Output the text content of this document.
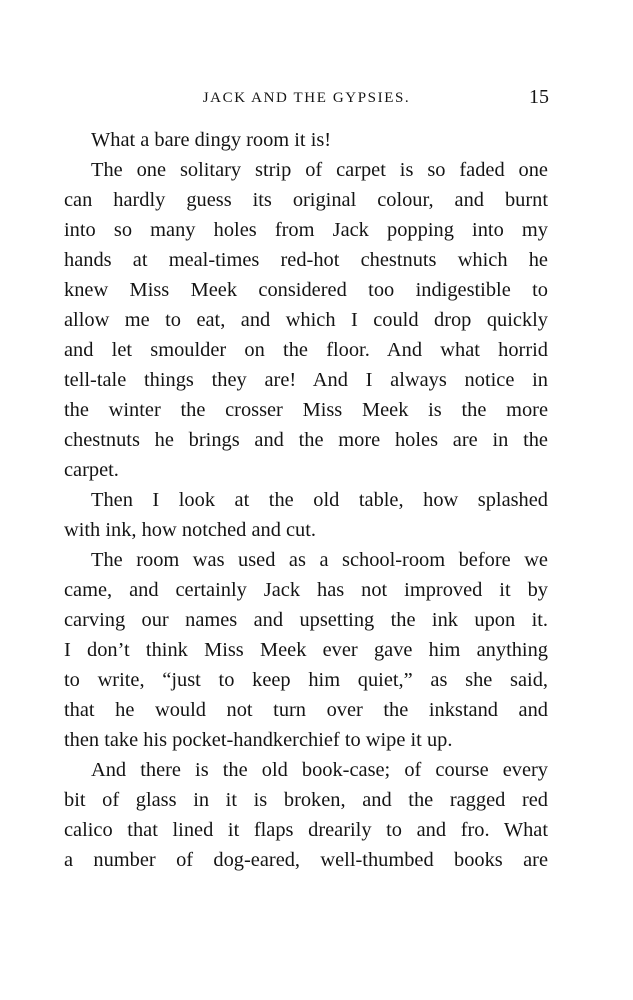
JACK AND THE GYPSIES.	15
What a bare dingy room it is!
The one solitary strip of carpet is so faded one
can hardly guess its original colour, and burnt
into so many holes from Jack popping into my
hands at meal-times red-hot chestnuts which he
knew Miss Meek considered too indigestible to
allow me to eat, and which I could drop quickly
and let smoulder on the floor. And what horrid
tell-tale things they are! And I always notice in
the winter the crosser Miss Meek is the more
chestnuts he brings and the more holes are in the
carpet.
Then I look at the old table, how splashed
with ink, how notched and cut.
The room was used as a school-room before we
came, and certainly Jack has not improved it by
carving our names and upsetting the ink upon it.
I don’t think Miss Meek ever gave him anything
to write, “just to keep him quiet,” as she said,
that he would not turn over the inkstand and
then take his pocket-handkerchief to wipe it up.
And there is the old book-case; of course every
bit of glass in it is broken, and the ragged red
calico that lined it flaps drearily to and fro. What
a number of dog-eared, well-thumbed books are
